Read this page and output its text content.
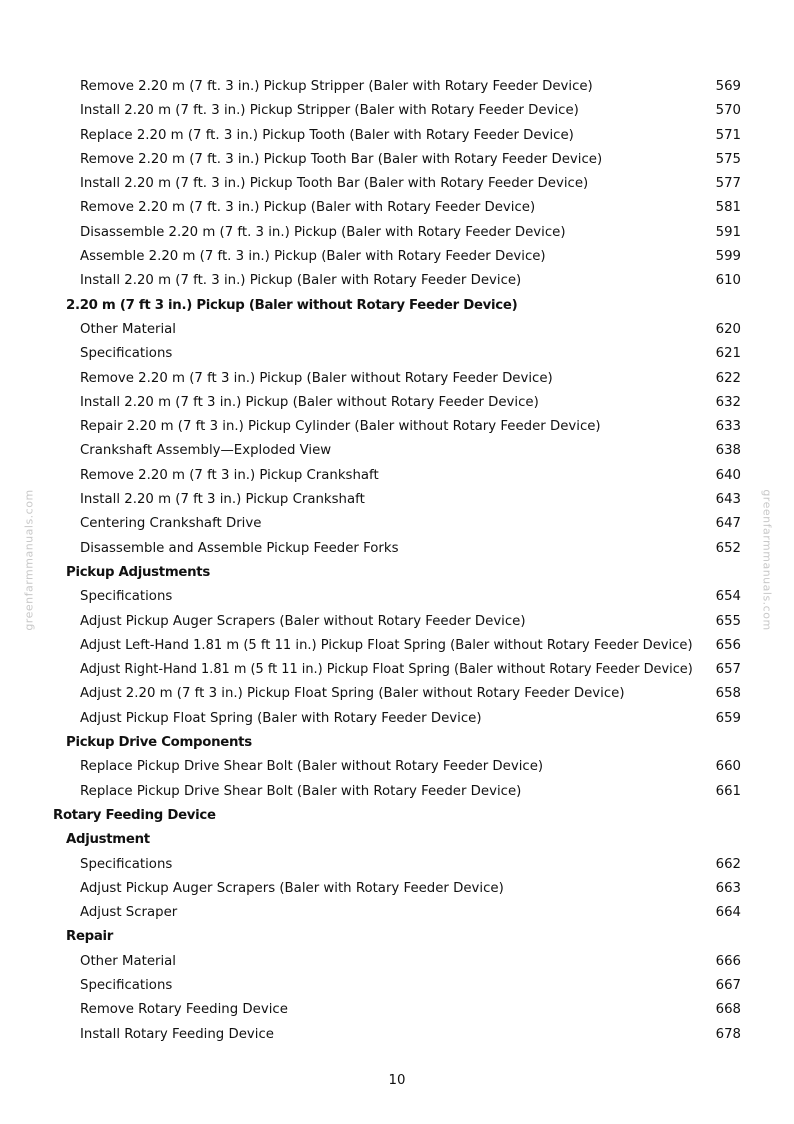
Remove 2.20 m (7 ft. 3 in.) Pickup Stripper (Baler with Rotary Feeder Device)	569
Install 2.20 m (7 ft. 3 in.) Pickup Stripper (Baler with Rotary Feeder Device)	570
Replace 2.20 m (7 ft. 3 in.) Pickup Tooth (Baler with Rotary Feeder Device)	571
Remove 2.20 m (7 ft. 3 in.) Pickup Tooth Bar (Baler with Rotary Feeder Device)	575
Install 2.20 m (7 ft. 3 in.) Pickup Tooth Bar (Baler with Rotary Feeder Device)	577
Remove 2.20 m (7 ft. 3 in.) Pickup (Baler with Rotary Feeder Device)	581
Disassemble 2.20 m (7 ft. 3 in.) Pickup (Baler with Rotary Feeder Device)	591
Assemble 2.20 m (7 ft. 3 in.) Pickup (Baler with Rotary Feeder Device)	599
Install 2.20 m (7 ft. 3 in.) Pickup (Baler with Rotary Feeder Device)	610
2.20 m (7 ft 3 in.) Pickup (Baler without Rotary Feeder Device)
Other Material	620
Specifications	621
Remove 2.20 m (7 ft 3 in.) Pickup (Baler without Rotary Feeder Device)	622
Install 2.20 m (7 ft 3 in.) Pickup (Baler without Rotary Feeder Device)	632
Repair 2.20 m (7 ft 3 in.) Pickup Cylinder (Baler without Rotary Feeder Device)	633
Crankshaft Assembly—Exploded View	638
Remove 2.20 m (7 ft 3 in.) Pickup Crankshaft	640
Install 2.20 m (7 ft 3 in.) Pickup Crankshaft	643
Centering Crankshaft Drive	647
Disassemble and Assemble Pickup Feeder Forks	652
Pickup Adjustments
Specifications	654
Adjust Pickup Auger Scrapers (Baler without Rotary Feeder Device)	655
Adjust Left-Hand 1.81 m (5 ft 11 in.) Pickup Float Spring (Baler without Rotary Feeder Device) 656
Adjust Right-Hand 1.81 m (5 ft 11 in.) Pickup Float Spring (Baler without Rotary Feeder Device) 657
Adjust 2.20 m (7 ft 3 in.) Pickup Float Spring (Baler without Rotary Feeder Device)	658
Adjust Pickup Float Spring (Baler with Rotary Feeder Device)	659
Pickup Drive Components
Replace Pickup Drive Shear Bolt (Baler without Rotary Feeder Device)	660
Replace Pickup Drive Shear Bolt (Baler with Rotary Feeder Device)	661
Rotary Feeding Device
Adjustment
Specifications	662
Adjust Pickup Auger Scrapers (Baler with Rotary Feeder Device)	663
Adjust Scraper	664
Repair
Other Material	666
Specifications	667
Remove Rotary Feeding Device	668
Install Rotary Feeding Device	678
greenfarmmanuals.com	greenfarmmanuals.com
10
